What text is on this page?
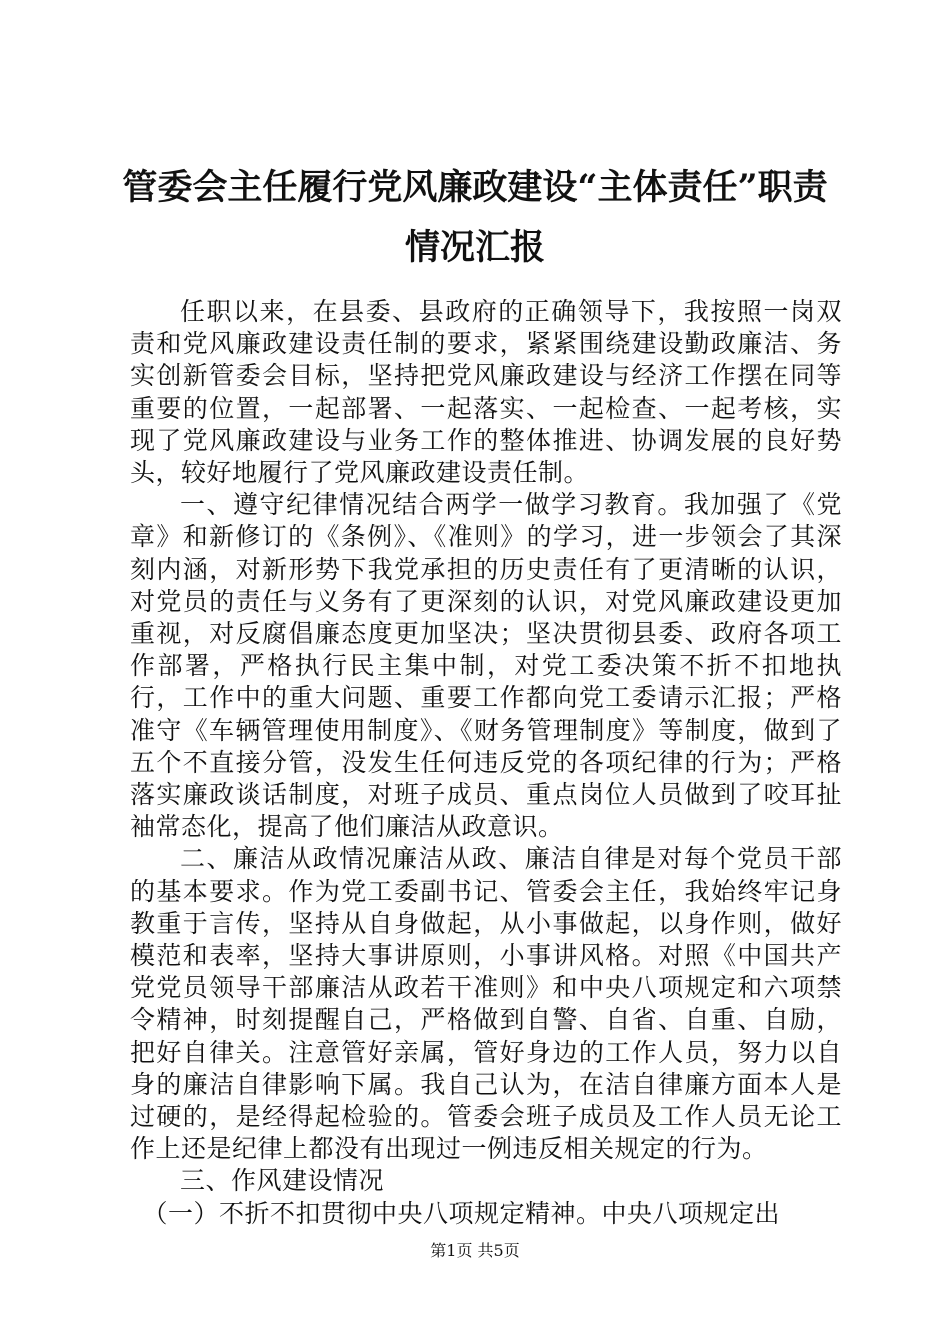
管委会主任履行党风廉政建设“主体责任”职责情况汇报

任职以来，在县委、县政府的正确领导下，我按照一岗双责和党风廉政建设责任制的要求，紧紧围绕建设勤政廉洁、务实创新管委会目标，坚持把党风廉政建设与经济工作摆在同等重要的位置，一起部署、一起落实、一起检查、一起考核，实现了党风廉政建设与业务工作的整体推进、协调发展的良好势头，较好地履行了党风廉政建设责任制。

一、遵守纪律情况结合两学一做学习教育。我加强了《党章》和新修订的《条例》、《准则》的学习，进一步领会了其深刻内涵，对新形势下我党承担的历史责任有了更清晰的认识，对党员的责任与义务有了更深刻的认识，对党风廉政建设更加重视，对反腐倡廉态度更加坚决；坚决贯彻县委、政府各项工作部署，严格执行民主集中制，对党工委决策不折不扣地执行，工作中的重大问题、重要工作都向党工委请示汇报；严格准守《车辆管理使用制度》、《财务管理制度》等制度，做到了五个不直接分管，没发生任何违反党的各项纪律的行为；严格落实廉政谈话制度，对班子成员、重点岗位人员做到了咬耳扯袖常态化，提高了他们廉洁从政意识。

二、廉洁从政情况廉洁从政、廉洁自律是对每个党员干部的基本要求。作为党工委副书记、管委会主任，我始终牢记身教重于言传，坚持从自身做起，从小事做起，以身作则，做好模范和表率，坚持大事讲原则，小事讲风格。对照《中国共产党党员领导干部廉洁从政若干准则》和中央八项规定和六项禁令精神，时刻提醒自己，严格做到自警、自省、自重、自励，把好自律关。注意管好亲属，管好身边的工作人员，努力以自身的廉洁自律影响下属。我自己认为，在洁自律廉方面本人是过硬的，是经得起检验的。管委会班子成员及工作人员无论工作上还是纪律上都没有出现过一例违反相关规定的行为。

三、作风建设情况

（一）不折不扣贯彻中央八项规定精神。中央八项规定出

第1页 共5页
